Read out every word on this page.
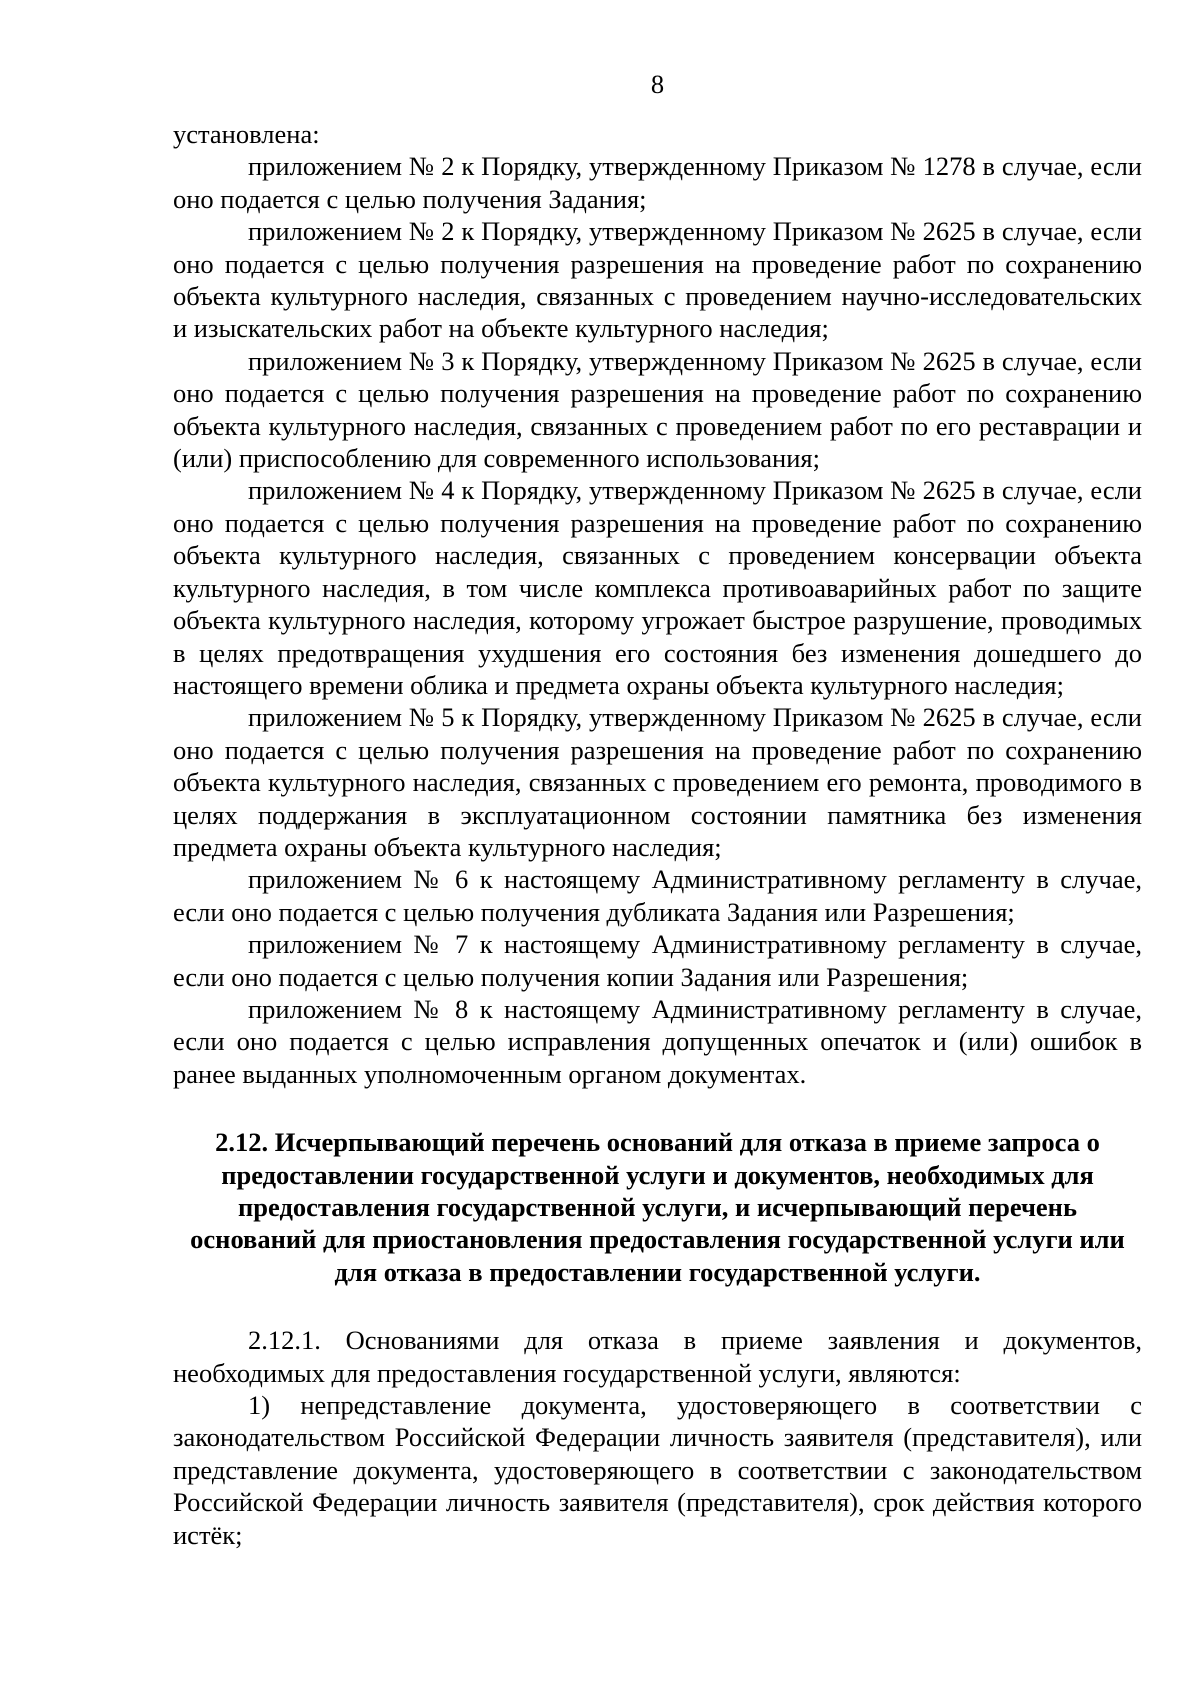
8

установлена:

приложением № 2 к Порядку, утвержденному Приказом № 1278 в случае, если оно подается с целью получения Задания;

приложением № 2 к Порядку, утвержденному Приказом № 2625 в случае, если оно подается с целью получения разрешения на проведение работ по сохранению объекта культурного наследия, связанных с проведением научно-исследовательских и изыскательских работ на объекте культурного наследия;

приложением № 3 к Порядку, утвержденному Приказом № 2625 в случае, если оно подается с целью получения разрешения на проведение работ по сохранению объекта культурного наследия, связанных с проведением работ по его реставрации и (или) приспособлению для современного использования;

приложением № 4 к Порядку, утвержденному Приказом № 2625 в случае, если оно подается с целью получения разрешения на проведение работ по сохранению объекта культурного наследия, связанных с проведением консервации объекта культурного наследия, в том числе комплекса противоаварийных работ по защите объекта культурного наследия, которому угрожает быстрое разрушение, проводимых в целях предотвращения ухудшения его состояния без изменения дошедшего до настоящего времени облика и предмета охраны объекта культурного наследия;

приложением № 5 к Порядку, утвержденному Приказом № 2625 в случае, если оно подается с целью получения разрешения на проведение работ по сохранению объекта культурного наследия, связанных с проведением его ремонта, проводимого в целях поддержания в эксплуатационном состоянии памятника без изменения предмета охраны объекта культурного наследия;

приложением № 6 к настоящему Административному регламенту в случае, если оно подается с целью получения дубликата Задания или Разрешения;

приложением № 7 к настоящему Административному регламенту в случае, если оно подается с целью получения копии Задания или Разрешения;

приложением № 8 к настоящему Административному регламенту в случае, если оно подается с целью исправления допущенных опечаток и (или) ошибок в ранее выданных уполномоченным органом документах.

2.12. Исчерпывающий перечень оснований для отказа в приеме запроса о предоставлении государственной услуги и документов, необходимых для предоставления государственной услуги, и исчерпывающий перечень оснований для приостановления предоставления государственной услуги или для отказа в предоставлении государственной услуги.

2.12.1. Основаниями для отказа в приеме заявления и документов, необходимых для предоставления государственной услуги, являются:

1) непредставление документа, удостоверяющего в соответствии с законодательством Российской Федерации личность заявителя (представителя), или представление документа, удостоверяющего в соответствии с законодательством Российской Федерации личность заявителя (представителя), срок действия которого истёк;
